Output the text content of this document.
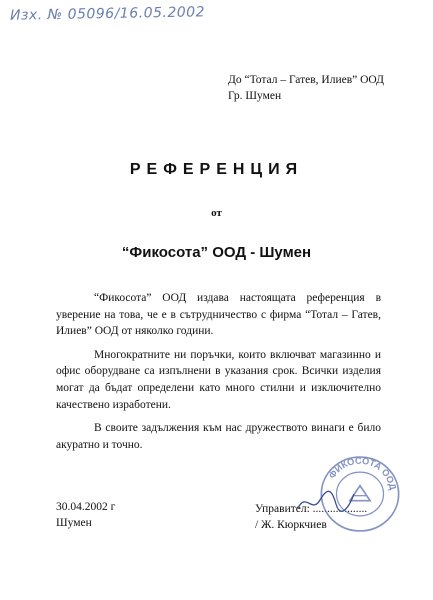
Изх. № 05096/16.05.2002
До “Тотал – Гатев, Илиев” ООД
Гр. Шумен
РЕФЕРЕНЦИЯ
от
“Фикосота” ООД - Шумен

“Фикосота” ООД издава настоящата референция в уверение на това, че е в сътрудничество с фирма “Тотал – Гатев, Илиев” ООД от няколко години.

Многократните ни поръчки, които включват магазинно и офис оборудване са изпълнени в указания срок. Всички изделия могат да бъдат определени като много стилни и изключително качествено изработени.

В своите задължения към нас дружеството винаги е било акуратно и точно.

30.04.2002 г
Шумен
Управител: ...................
/ Ж. Кюркчиев
ФИКОСОТА ООД
